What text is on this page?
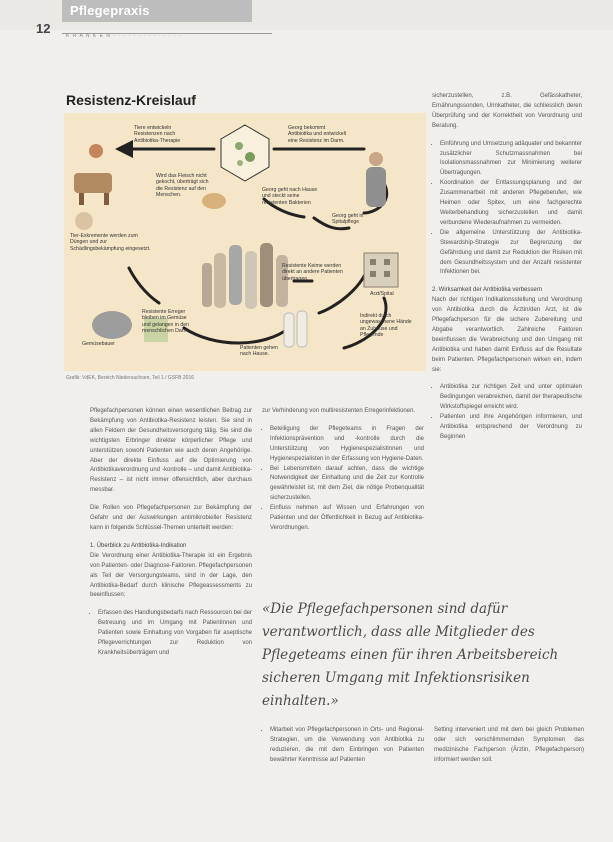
Pflegepraxis
12	K R A N K E N · · · · · · · · · · · · · ·
Resistenz-Kreislauf
Tiere entwickeln Resistenzen nach Antibiotika-Therapie
Georg bekommt Antibiotika und entwickelt eine Resistenz im Darm.
Wird das Fleisch nicht gekocht, überträgt sich die Resistenz auf den Menschen.
Georg geht nach Hause und steckt seine resistenten Bakterien
Georg geht in Spitalpflege
Tier-Exkremente werden zum Düngen und zur Schädlingsbekämpfung eingesetzt.
Resistente Keime werden direkt an andere Patienten übertragen.
Arzt/Spital
Resistente Erreger bleiben im Gemüse und gelangen in den menschlichen Darm.
Patienten gehen nach Hause.
Indirekt durch ungewaschene Hände an Zuhause und Pflegende
Gemüsebauer
Grafik: VdEK, Bereich Niedersachsen, Teil 1 / GSFB 2016

Pflegefachpersonen können einen wesentlichen Beitrag zur Bekämpfung von Antibiotika-Resistenz leisten. Sie sind in allen Feldern der Gesundheitsversorgung tätig. Sie sind die wichtigsten Erbringer direkter körperlicher Pflege und unterstützen sowohl Patienten wie auch deren Angehörige. Aber der direkte Einfluss auf die Optimierung von Antibiotikaverordnung und -kontrolle – und damit Antibiotika-Resistenz – ist nicht immer offensichtlich, aber durchaus messbar.

Die Rollen von Pflegefachpersonen zur Bekämpfung der Gefahr und der Auswirkungen antimikrobieller Resistenz kann in folgende Schlüssel-Themen unterteilt werden:

1. Überblick zu Antibiotika-Indikation

Die Verordnung einer Antibiotika-Therapie ist ein Ergebnis von Patienten- oder Diagnose-Faktoren. Pflegefachpersonen als Teil der Versorgungsteams, sind in der Lage, den Antibiotika-Bedarf durch klinische Pflegeassessments zu beeinflussen:

• Erfassen des Handlungsbedarfs nach Ressourcen bei der Betreuung und im Umgang mit Patientinnen und Patienten sowie Einhaltung von Vorgaben für aseptische Pflegeverrichtungen zur Reduktion von Krankheitsüberträgern und

zur Verhinderung von multiresistenten Erregerinfektionen.

• Beteiligung der Pflegeteams in Fragen der Infektionsprävention und -kontrolle durch die Unterstützung von Hygienespezialistinnen und Hygienespezialisten in der Erfassung von Hygiene-Daten.
• Bei Lebensmitteln darauf achten, dass die wichtige Notwendigkeit der Einhaltung und die Zeit zur Kontrolle gewährleistet ist, mit dem Ziel, die nötige Probenqualität sicherzustellen.
• Einfluss nehmen auf Wissen und Erfahrungen von Patienten und der Öffentlichkeit in Bezug auf Antibiotika-Verordnungen.
• Mitarbeit von Pflegefachpersonen in Orts- und Regional-Strategien, um die Verwendung von Antibiotika zu reduzieren, die mit dem Einbringen von Patienten bewährter Kenntnisse auf Patienten

sicherzustellen, z.B. Gefässkatheter, Ernährungssonden, Urinkatheter, die schliesslich deren Überprüfung und der Korrektheit von Verordnung und Beratung.

• Einführung und Umsetzung adäquater und bekannter zusätzlicher Schutzmassnahmen bei Isolationsmassnahmen zur Minimierung weiterer Übertragungen.
• Koordination der Entlassungsplanung und der Zusammenarbeit mit anderen Pflegeberufen, wie Heimen oder Spitex, um eine fachgerechte Weiterbehandlung sicherzustellen und damit verbundene Wiederaufnahmen zu vermeiden.
• Die allgemeine Unterstützung der Antibiotika-Stewardship-Strategie zur Begrenzung der Gefährdung und damit zur Reduktion der Risiken mit dem Gesundheitssystem und der Anzahl resistenter Infektionen bei.

2. Wirksamkeit der Antibiotika verbessern

Nach der richtigen Indikationsstellung und Verordnung von Antibiotika durch die Ärztin/den Arzt, ist die Pflegefachperson für die sichere Zubereitung und Abgabe verantwortlich. Zahlreiche Faktoren beeinflussen die Verabreichung und den Umgang mit Antibiotika und haben damit Einfluss auf die Resultate beim Patienten. Pflegefachpersonen wirken ein, indem sie:

• Antibiotika zur richtigen Zeit und unter optimalen Bedingungen verabreichen, damit der therapeutische Wirkstoffspiegel erreicht wird.
• Patienten und ihre Angehörigen informieren, und Antibiotika entsprechend der Verordnung zu Beginnen
«Die Pflegefachpersonen sind dafür verantwortlich, dass alle Mitglieder des Pflegeteams einen für ihren Arbeitsbereich sicheren Umgang mit Infektionsrisiken einhalten.»
Setting interveniert und mit dem bei gleich Problemen oder sich verschlimmernden Symptomen das medizinische Fachperson (Ärztin, Pflegefachperson) informiert werden soll.
